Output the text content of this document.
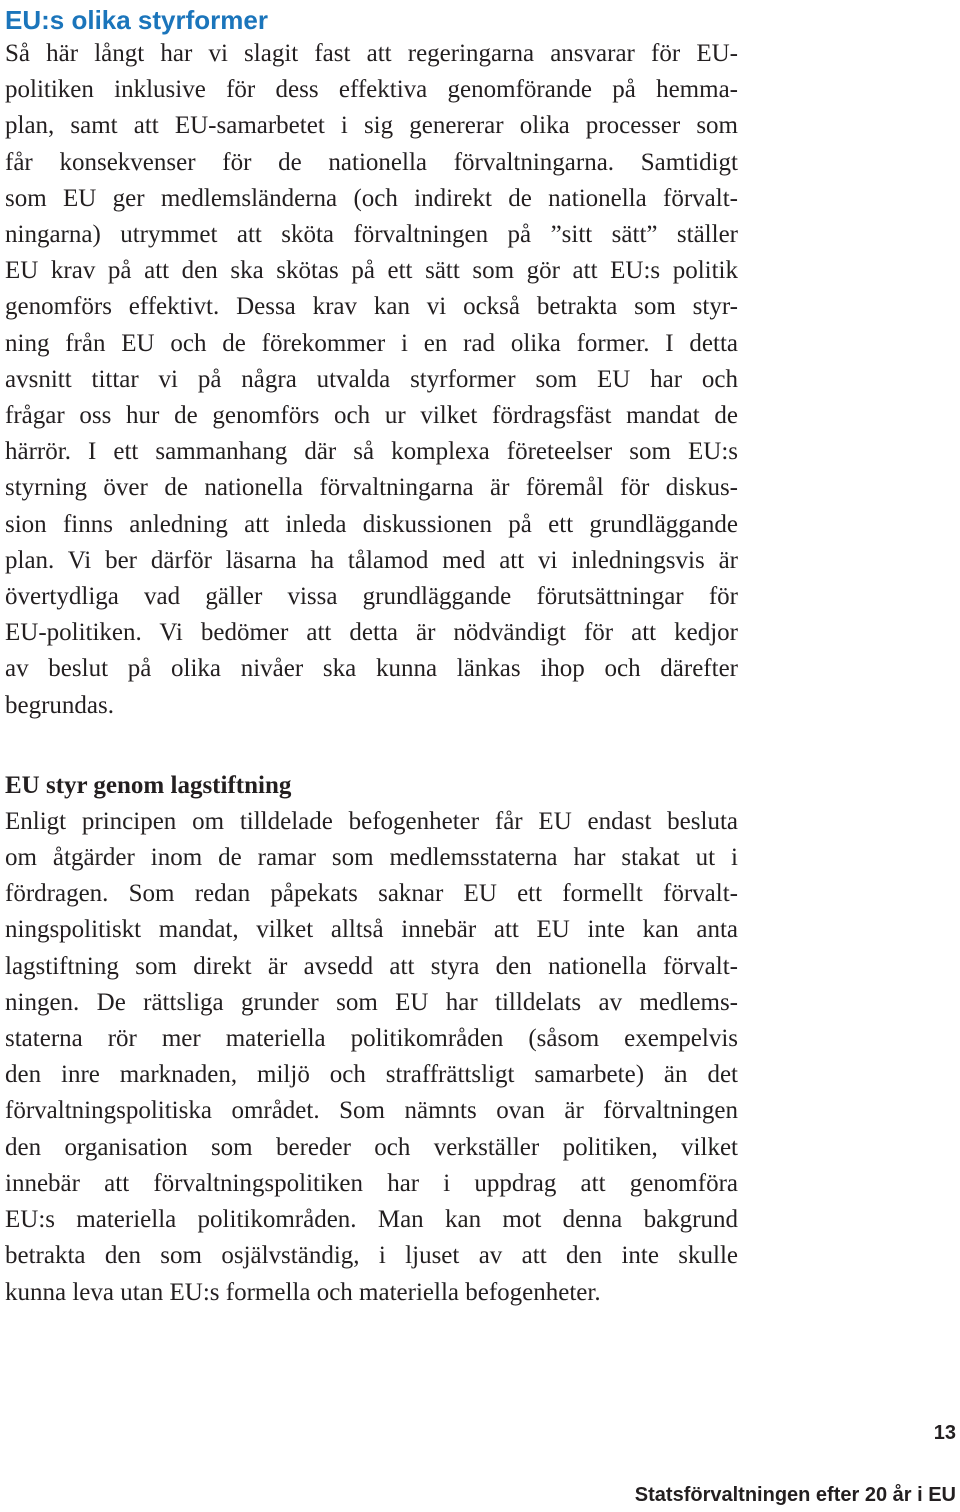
EU:s olika styrformer
Så här långt har vi slagit fast att regeringarna ansvarar för EU-
politiken inklusive för dess effektiva genomförande på hemma-
plan, samt att EU-samarbetet i sig genererar olika processer som
får konsekvenser för de nationella förvaltningarna. Samtidigt
som EU ger medlemsländerna (och indirekt de nationella förvalt-
ningarna) utrymmet att sköta förvaltningen på ”sitt sätt” ställer
EU krav på att den ska skötas på ett sätt som gör att EU:s politik
genomförs effektivt. Dessa krav kan vi också betrakta som styr-
ning från EU och de förekommer i en rad olika former. I detta
avsnitt tittar vi på några utvalda styrformer som EU har och
frågar oss hur de genomförs och ur vilket fördragsfäst mandat de
härrör. I ett sammanhang där så komplexa företeelser som EU:s
styrning över de nationella förvaltningarna är föremål för diskus-
sion finns anledning att inleda diskussionen på ett grundläggande
plan. Vi ber därför läsarna ha tålamod med att vi inledningsvis är
övertydliga vad gäller vissa grundläggande förutsättningar för
EU-politiken. Vi bedömer att detta är nödvändigt för att kedjor
av beslut på olika nivåer ska kunna länkas ihop och därefter
begrundas.
EU styr genom lagstiftning
Enligt principen om tilldelade befogenheter får EU endast besluta
om åtgärder inom de ramar som medlemsstaterna har stakat ut i
fördragen. Som redan påpekats saknar EU ett formellt förvalt-
ningspolitiskt mandat, vilket alltså innebär att EU inte kan anta
lagstiftning som direkt är avsedd att styra den nationella förvalt-
ningen. De rättsliga grunder som EU har tilldelats av medlems-
staterna rör mer materiella politikområden (såsom exempelvis
den inre marknaden, miljö och straffrättsligt samarbete) än det
förvaltningspolitiska området. Som nämnts ovan är förvaltningen
den organisation som bereder och verkställer politiken, vilket
innebär att förvaltningspolitiken har i uppdrag att genomföra
EU:s materiella politikområden. Man kan mot denna bakgrund
betrakta den som osjälvständig, i ljuset av att den inte skulle
kunna leva utan EU:s formella och materiella befogenheter.
13
Statsförvaltningen efter 20 år i EU
